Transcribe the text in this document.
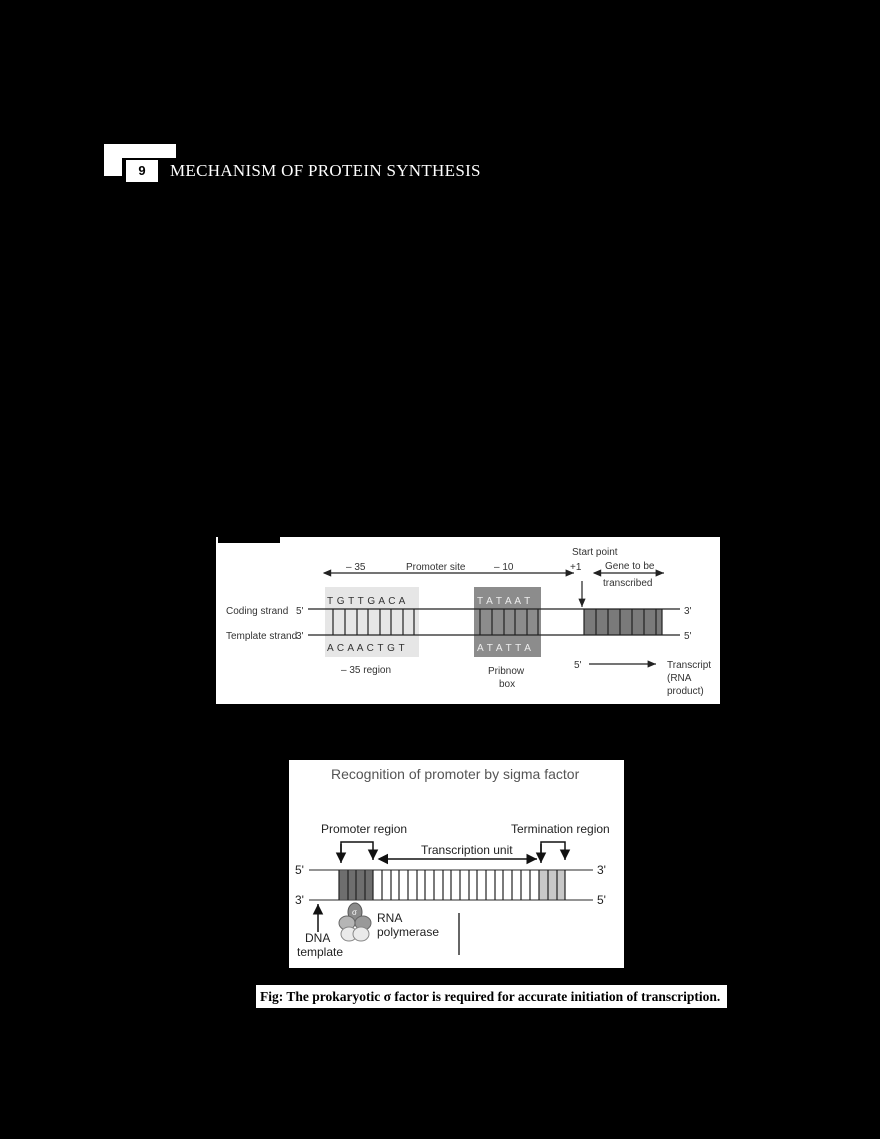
9	MECHANISM OF PROTEIN SYNTHESIS
– 35	Promoter site	– 10
Start point
+1 Gene to be
transcribed
Coding strand 5'	3'
Template strand
3'	5'
T G T T G A C A
A C A A C T G T
T A T A A T
A T A T T A
– 35 region	Pribnow
box
5'	Transcript
(RNA
product)
Recognition of promoter by sigma factor
Promoter region	Termination region
Transcription unit
5'	3'
3'	5'
RNA
polymerase
DNA
template
σ
Fig: The prokaryotic σ factor is required for accurate initiation of transcription.
